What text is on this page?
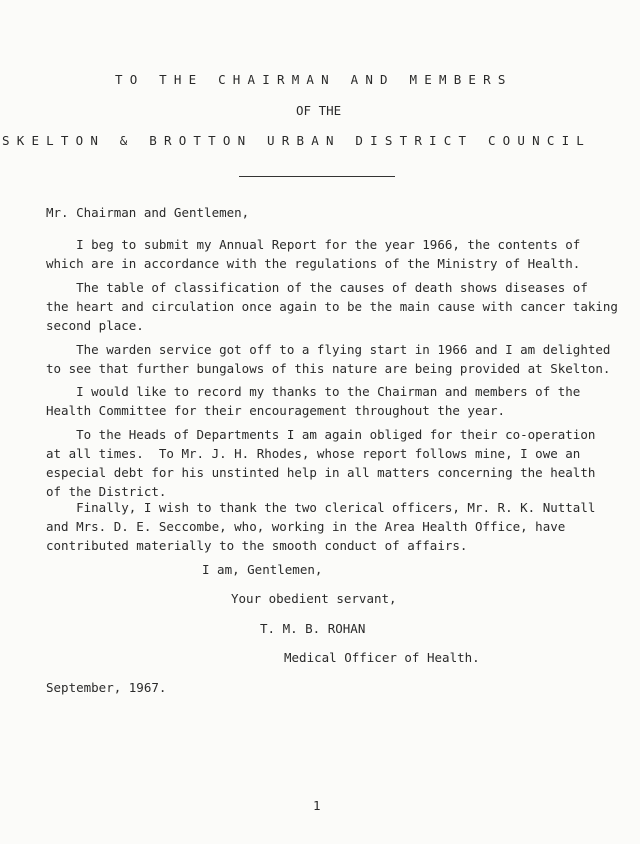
TO THE CHAIRMAN AND MEMBERS
OF THE
SKELTON & BROTTON URBAN DISTRICT COUNCIL
Mr. Chairman and Gentlemen,
I beg to submit my Annual Report for the year 1966, the contents of
which are in accordance with the regulations of the Ministry of Health.
The table of classification of the causes of death shows diseases of
the heart and circulation once again to be the main cause with cancer taking
second place.
The warden service got off to a flying start in 1966 and I am delighted
to see that further bungalows of this nature are being provided at Skelton.
I would like to record my thanks to the Chairman and members of the
Health Committee for their encouragement throughout the year.
To the Heads of Departments I am again obliged for their co-operation
at all times.  To Mr. J. H. Rhodes, whose report follows mine, I owe an
especial debt for his unstinted help in all matters concerning the health
of the District.
Finally, I wish to thank the two clerical officers, Mr. R. K. Nuttall
and Mrs. D. E. Seccombe, who, working in the Area Health Office, have
contributed materially to the smooth conduct of affairs.
I am, Gentlemen,
Your obedient servant,
T. M. B. ROHAN
Medical Officer of Health.
September, 1967.
1
